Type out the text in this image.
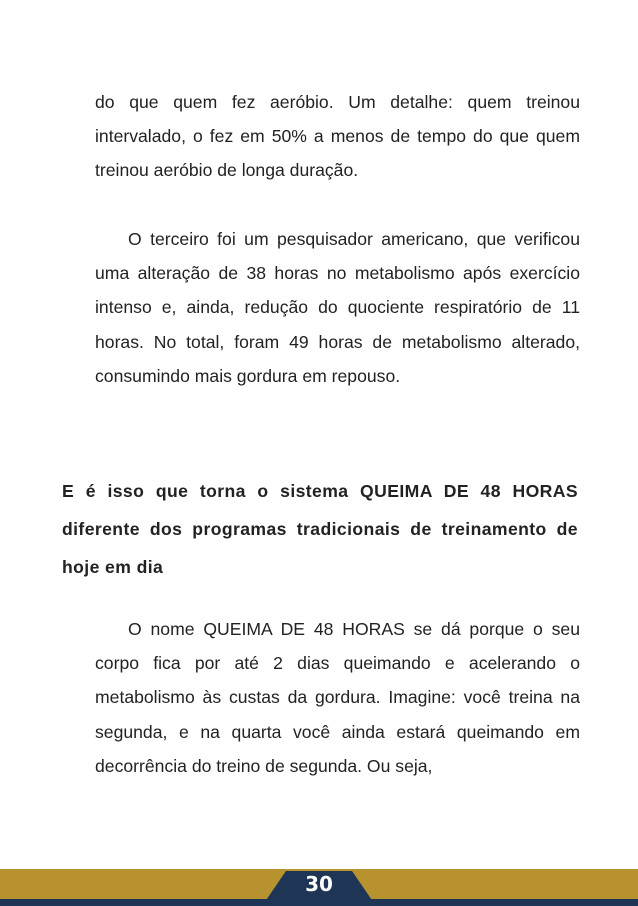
do que quem fez aeróbio. Um detalhe: quem treinou intervalado, o fez em 50% a menos de tempo do que quem treinou aeróbio de longa duração.

O terceiro foi um pesquisador americano, que verificou uma alteração de 38 horas no metabolismo após exercício intenso e, ainda, redução do quociente respiratório de 11 horas. No total, foram 49 horas de metabolismo alterado, consumindo mais gordura em repouso.

E é isso que torna o sistema QUEIMA DE 48 HORAS diferente dos programas tradicionais de treinamento de hoje em dia

O nome QUEIMA DE 48 HORAS se dá porque o seu corpo fica por até 2 dias queimando e acelerando o metabolismo às custas da gordura. Imagine: você treina na segunda, e na quarta você ainda estará queimando em decorrência do treino de segunda. Ou seja,

30
